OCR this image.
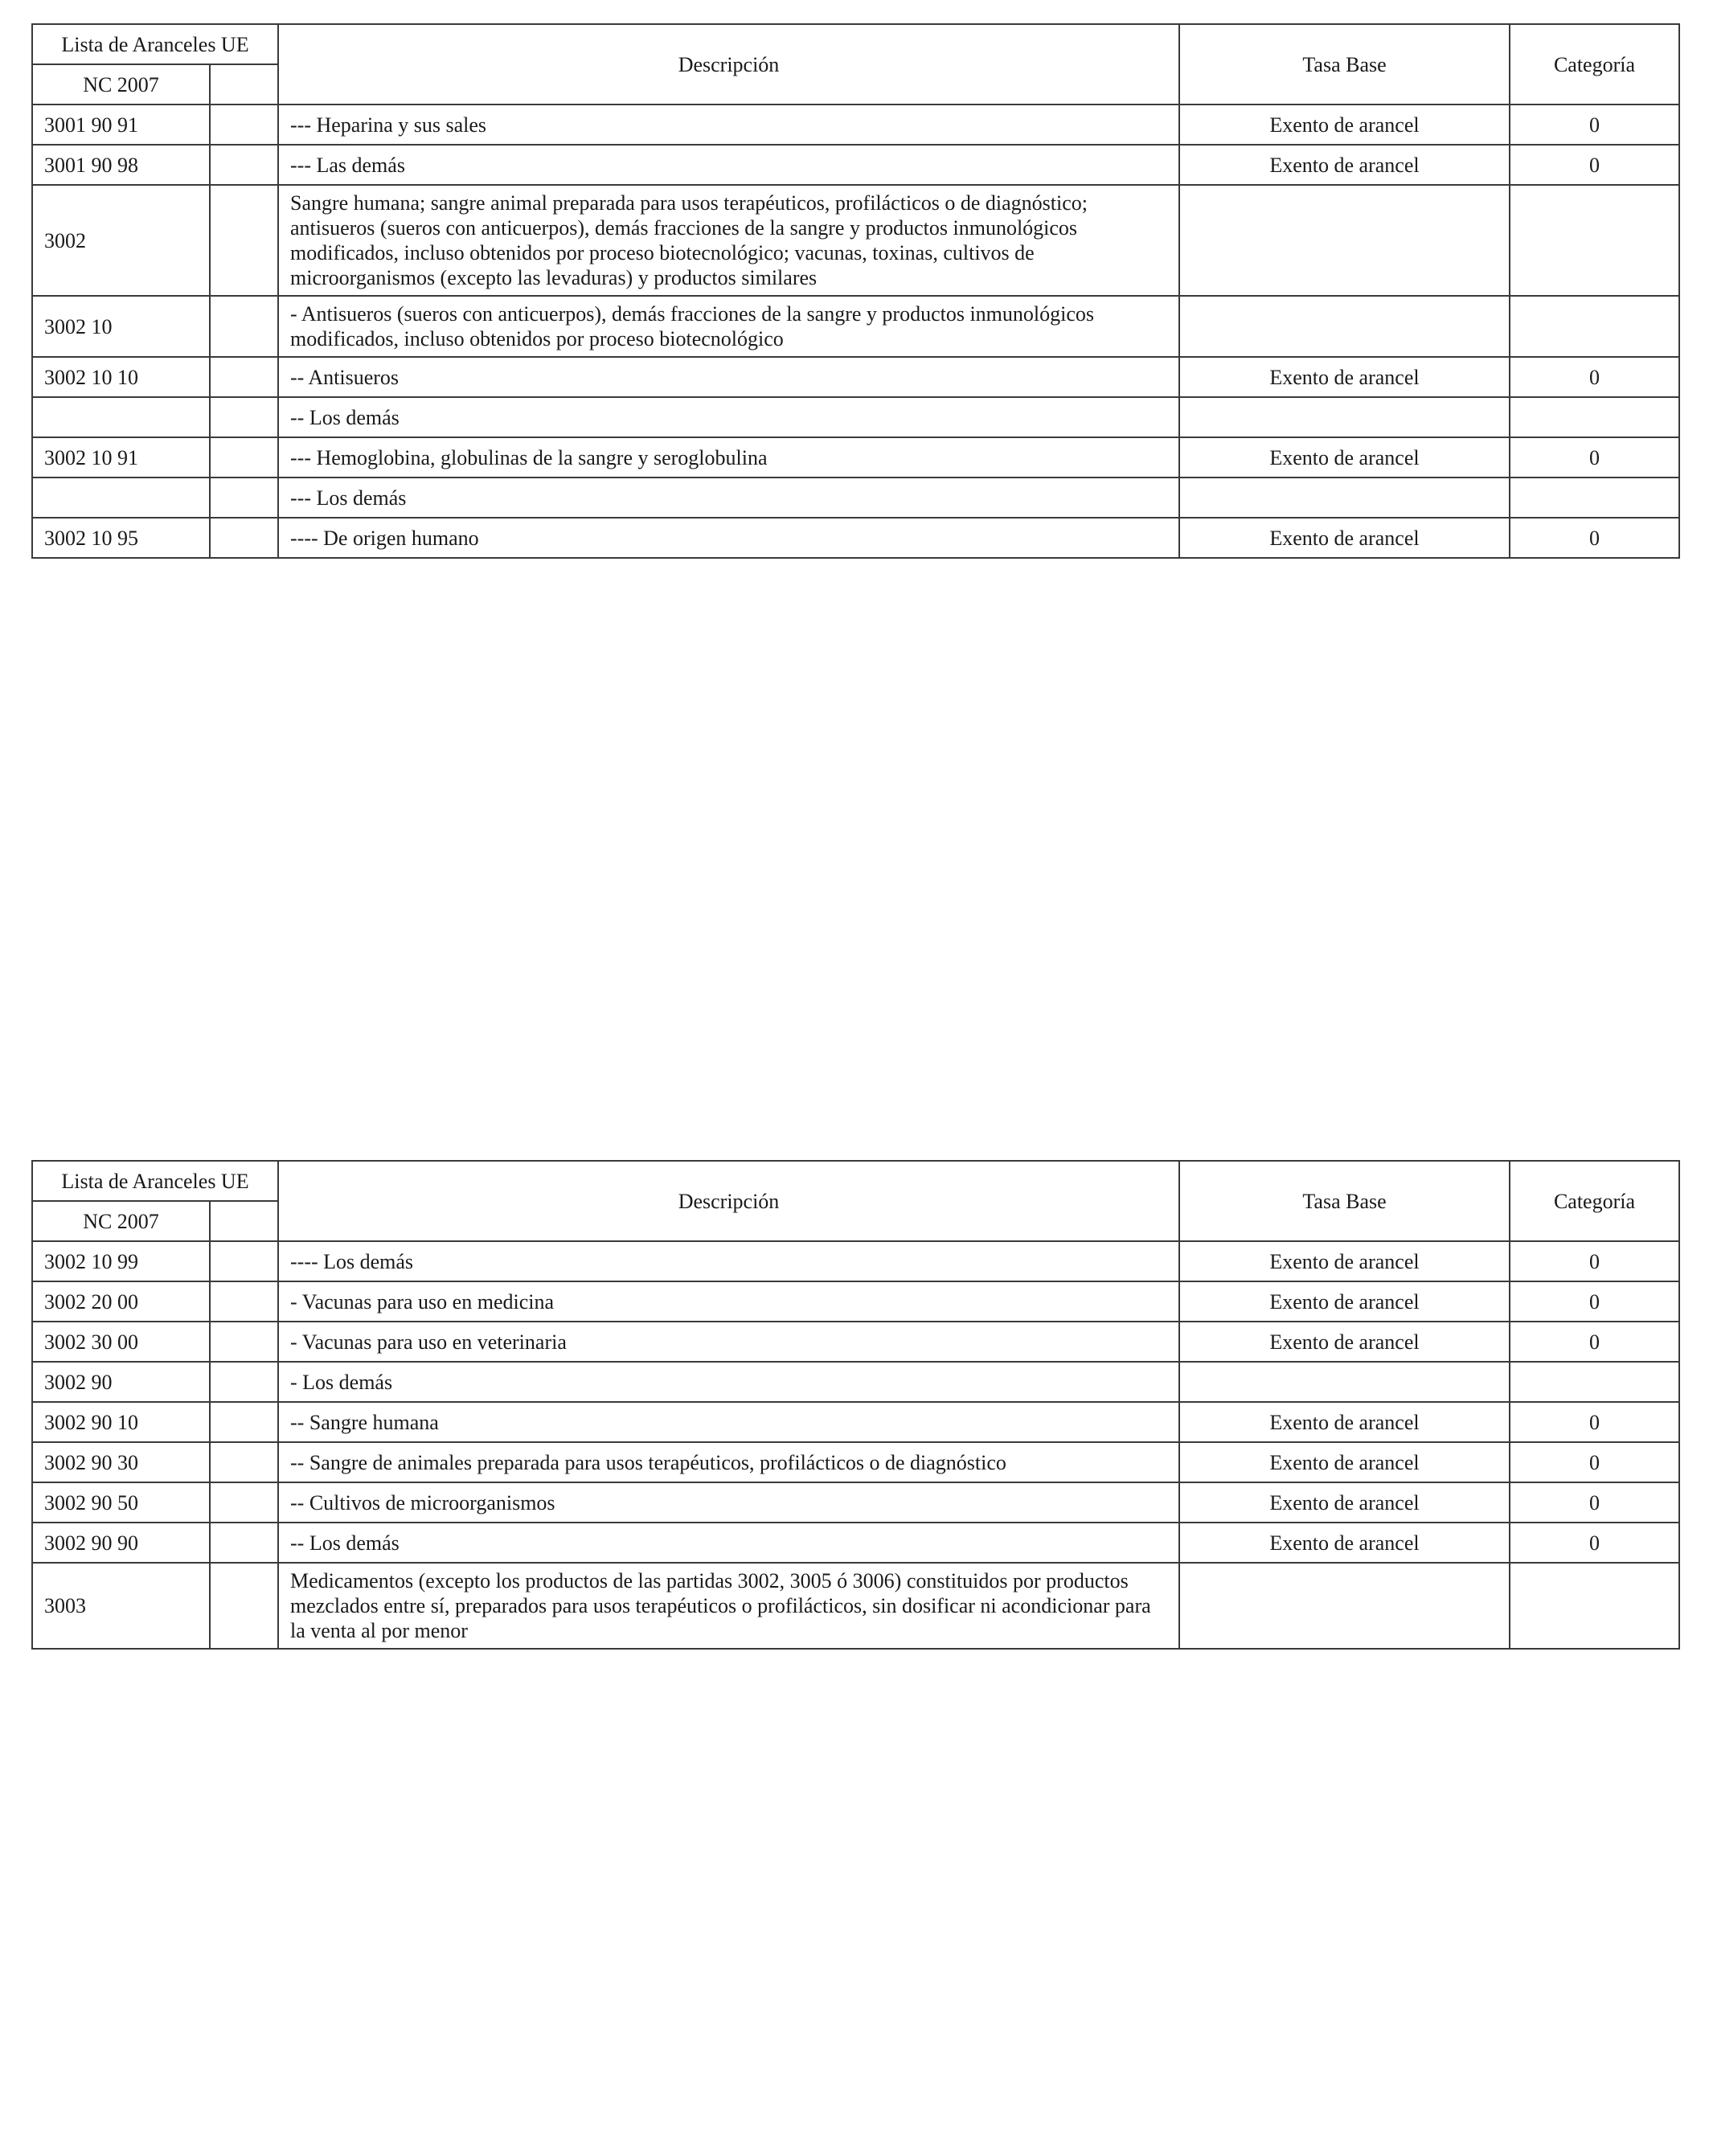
Lista de Aranceles UE		Descripción	Tasa Base	Categoría
NC 2007				
3001 90 91		--- Heparina y sus sales	Exento de arancel	0
3001 90 98		--- Las demás	Exento de arancel	0
3002		Sangre humana; sangre animal preparada para usos terapéuticos, profilácticos o de diagnóstico; antisueros (sueros con anticuerpos), demás fracciones de la sangre y productos inmunológicos modificados, incluso obtenidos por proceso biotecnológico; vacunas, toxinas, cultivos de microorganismos (excepto las levaduras) y productos similares		
3002 10		- Antisueros (sueros con anticuerpos), demás fracciones de la sangre y productos inmunológicos modificados, incluso obtenidos por proceso biotecnológico		
3002 10 10		-- Antisueros	Exento de arancel	0
		-- Los demás		
3002 10 91		--- Hemoglobina, globulinas de la sangre y seroglobulina	Exento de arancel	0
		--- Los demás		
3002 10 95		---- De origen humano	Exento de arancel	0
Lista de Aranceles UE		Descripción	Tasa Base	Categoría
NC 2007				
3002 10 99		---- Los demás	Exento de arancel	0
3002 20 00		- Vacunas para uso en medicina	Exento de arancel	0
3002 30 00		- Vacunas para uso en veterinaria	Exento de arancel	0
3002 90		- Los demás		
3002 90 10		-- Sangre humana	Exento de arancel	0
3002 90 30		-- Sangre de animales preparada para usos terapéuticos, profilácticos o de diagnóstico	Exento de arancel	0
3002 90 50		-- Cultivos de microorganismos	Exento de arancel	0
3002 90 90		-- Los demás	Exento de arancel	0
3003		Medicamentos (excepto los productos de las partidas 3002, 3005 ó 3006) constituidos por productos mezclados entre sí, preparados para usos terapéuticos o profilácticos, sin dosificar ni acondicionar para la venta al por menor		
